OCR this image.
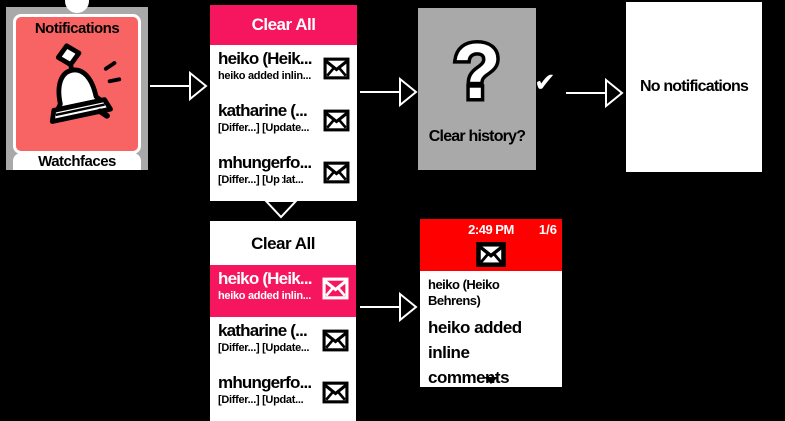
Notifications
Watchfaces
Clear All
heiko (Heik...
heiko added inlin...
katharine (...
[Differ...] [Update...
mhungerfo...
[Differ...] [Updat...
?
Clear history?
No notifications
Clear All
heiko (Heik...
heiko added inlin...
katharine (...
[Differ...] [Update...
mhungerfo...
[Differ...] [Updat...
2:49 PM	1/6
heiko (Heiko Behrens)
heiko added inline comments
✔
